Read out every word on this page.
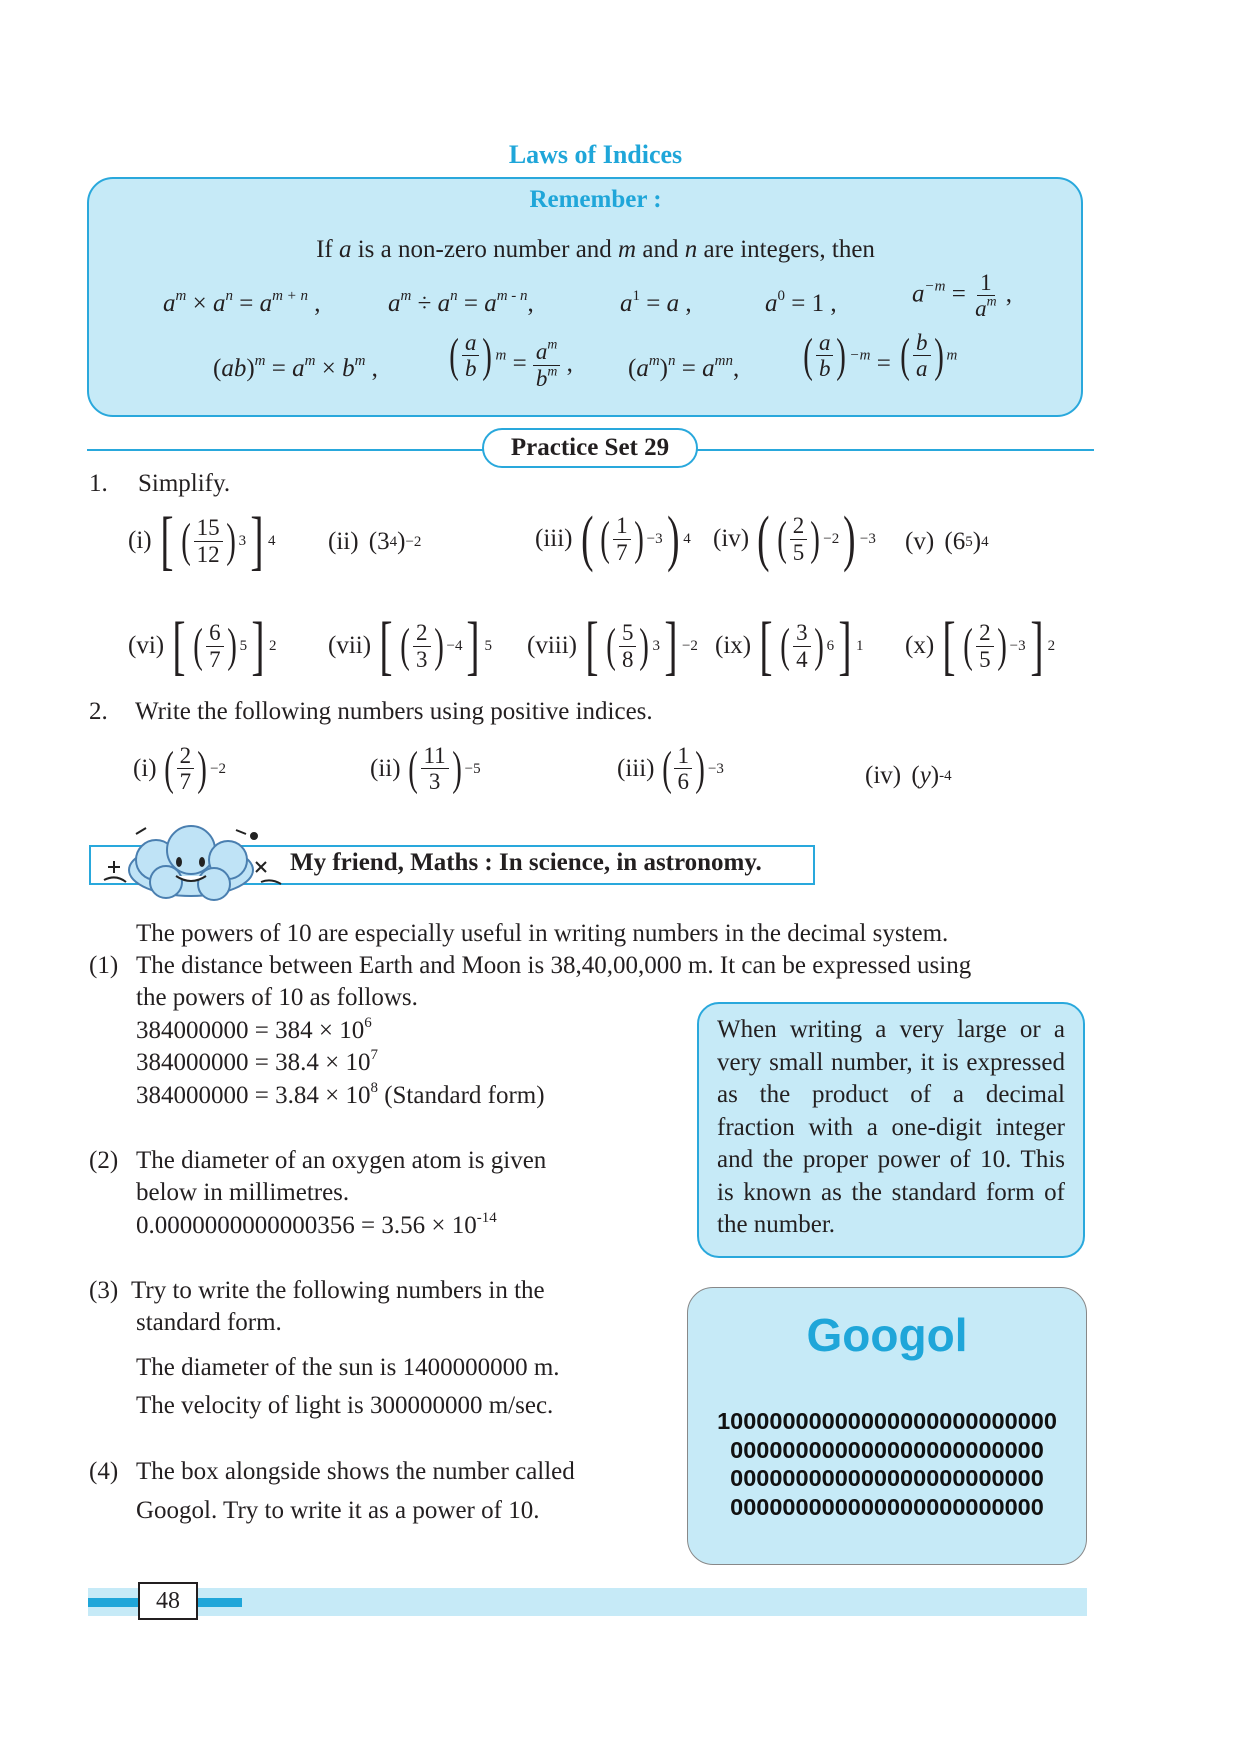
Laws of Indices
Remember :
If a is a non-zero number and m and n are integers, then
$a^m \times a^n = a^{m + n}$ ,	$a^m \div a^n = a^{m - n}$,	$a^1 = a$ ,	$a^0 = 1$ ,	$a^{-m} = \frac{1}{a^m}$ ,
$(ab)^m = a^m \times b^m$ , ( $\frac{a}{b}$ ) $^m = \frac{a^m}{b^m}$ , $(a^m)^n = a^{mn}$, ( $\frac{a}{b}$ ) $^{-m}$ = ( $\frac{b}{a}$ ) $^m$
Practice Set 29
1. Simplify.
(i) [ ( $\frac{15}{12}$ ) 3 ] 4 (ii) ( 3 4 ) −2	(iii) ( ( $\frac{1}{7}$ ) −3 ) 4 (iv) ( ( $\frac{2}{5}$ ) −2 ) −3 (v) ( 6 5 ) 4
(vi) [ ( $\frac{6}{7}$ ) 5 ] 2 (vii) [ ( $\frac{2}{3}$ ) −4 ] 5 (viii) [ ( $\frac{5}{8}$ ) 3 ] −2 (ix) [ ( $\frac{3}{4}$ ) 6 ] 1 (x) [ ( $\frac{2}{5}$ ) −3 ] 2
2. Write the following numbers using positive indices.
(i) ( $\frac{2}{7}$ ) −2	(ii) ( $\frac{11}{3}$ ) −5	(iii) ( $\frac{1}{6}$ ) −3	(iv) ( y ) -4
My friend, Maths : In science, in astronomy.
The powers of 10 are especially useful in writing numbers in the decimal system.
(1) The distance between Earth and Moon is 38,40,00,000 m. It can be expressed using
the powers of 10 as follows.
$384000000 = 384 \times 10^6$
$384000000 = 38.4 \times 10^7$
$384000000 = 3.84 \times 10^8$ (Standard form)
(2) The diameter of an oxygen atom is given
below in millimetres.
$0.0000000000000356 = 3.56 \times 10^{-14}$
(3) Try to write the following numbers in the
standard form.
The diameter of the sun is 1400000000 m.
The velocity of light is 300000000 m/sec.
(4) The box alongside shows the number called
Googol. Try to write it as a power of 10.
When writing a very large or a very small number, it is expressed as the product of a decimal fraction with a one-digit integer and the proper power of 10. This is known as the standard form of the number.
Googol
10000000000000000000000000
000000000000000000000000
000000000000000000000000
000000000000000000000000
48
